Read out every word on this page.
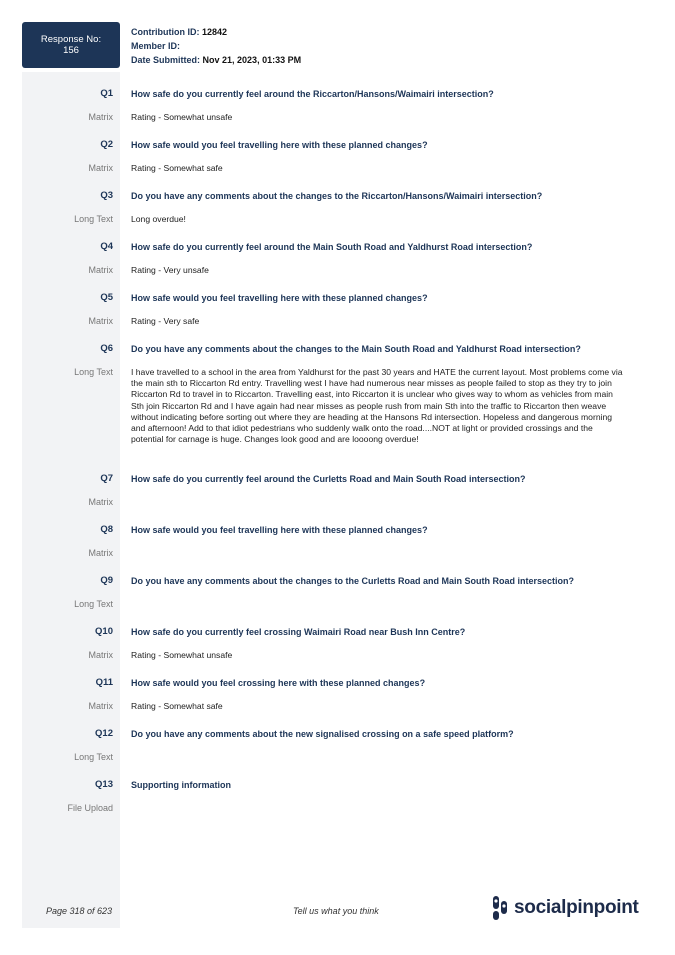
Response No:
156
Contribution ID: 12842
Member ID:
Date Submitted: Nov 21, 2023, 01:33 PM
Q1 How safe do you currently feel around the Riccarton/Hansons/Waimairi intersection?
Matrix Rating - Somewhat unsafe
Q2 How safe would you feel travelling here with these planned changes?
Matrix Rating - Somewhat safe
Q3 Do you have any comments about the changes to the Riccarton/Hansons/Waimairi intersection?
Long Text Long overdue!
Q4 How safe do you currently feel around the Main South Road and Yaldhurst Road intersection?
Matrix Rating - Very unsafe
Q5 How safe would you feel travelling here with these planned changes?
Matrix Rating - Very safe
Q6 Do you have any comments about the changes to the Main South Road and Yaldhurst Road intersection?
Long Text I have travelled to a school in the area from Yaldhurst for the past 30 years and HATE the current layout. Most problems come via the main sth to Riccarton Rd entry. Travelling west I have had numerous near misses as people failed to stop as they try to join Riccarton Rd to travel in to Riccarton. Travelling east, into Riccarton it is unclear who gives way to whom as vehicles from main Sth join Riccarton Rd and I have again had near misses as people rush from main Sth into the traffic to Riccarton then weave without indicating before sorting out where they are heading at the Hansons Rd intersection. Hopeless and dangerous morning and afternoon! Add to that idiot pedestrians who suddenly walk onto the road....NOT at light or provided crossings and the potential for carnage is huge. Changes look good and are loooong overdue!
Q7 How safe do you currently feel around the Curletts Road and Main South Road intersection?
Matrix
Q8 How safe would you feel travelling here with these planned changes?
Matrix
Q9 Do you have any comments about the changes to the Curletts Road and Main South Road intersection?
Long Text
Q10 How safe do you currently feel crossing Waimairi Road near Bush Inn Centre?
Matrix Rating - Somewhat unsafe
Q11 How safe would you feel crossing here with these planned changes?
Matrix Rating - Somewhat safe
Q12 Do you have any comments about the new signalised crossing on a safe speed platform?
Long Text
Q13 Supporting information
File Upload
Page 318 of 623	Tell us what you think	socialpinpoint
